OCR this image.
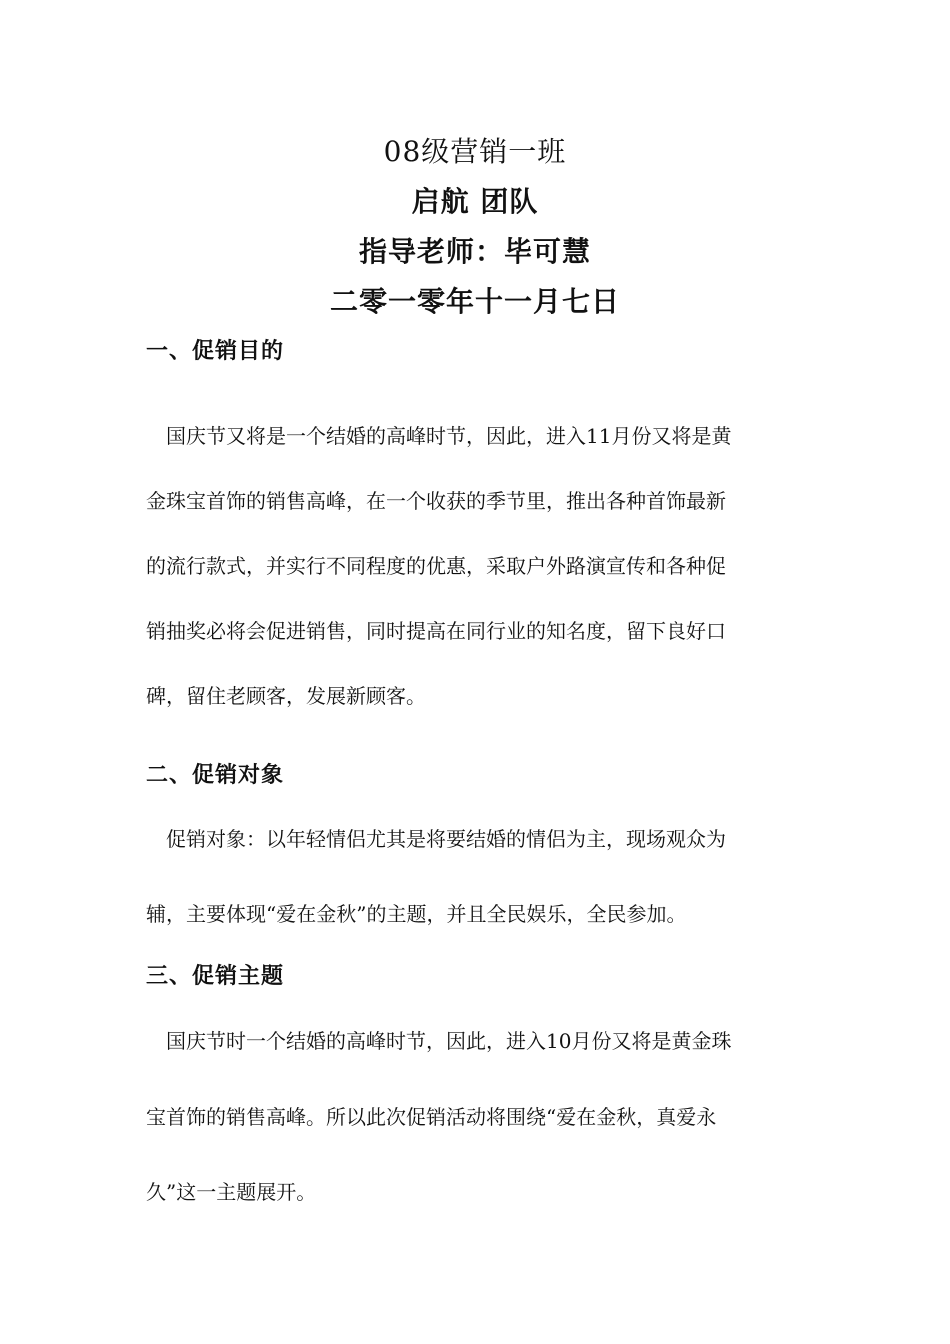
08级营销一班
启航 团队
指导老师：毕可慧
二零一零年十一月七日
一、促销目的
国庆节又将是一个结婚的高峰时节，因此，进入11月份又将是黄
金珠宝首饰的销售高峰，在一个收获的季节里，推出各种首饰最新
的流行款式，并实行不同程度的优惠，采取户外路演宣传和各种促
销抽奖必将会促进销售，同时提高在同行业的知名度，留下良好口
碑，留住老顾客，发展新顾客。
二、促销对象
促销对象：以年轻情侣尤其是将要结婚的情侣为主，现场观众为
辅，主要体现“爱在金秋”的主题，并且全民娱乐，全民参加。
三、促销主题
国庆节时一个结婚的高峰时节，因此，进入10月份又将是黄金珠
宝首饰的销售高峰。所以此次促销活动将围绕“爱在金秋，真爱永
久”这一主题展开。
